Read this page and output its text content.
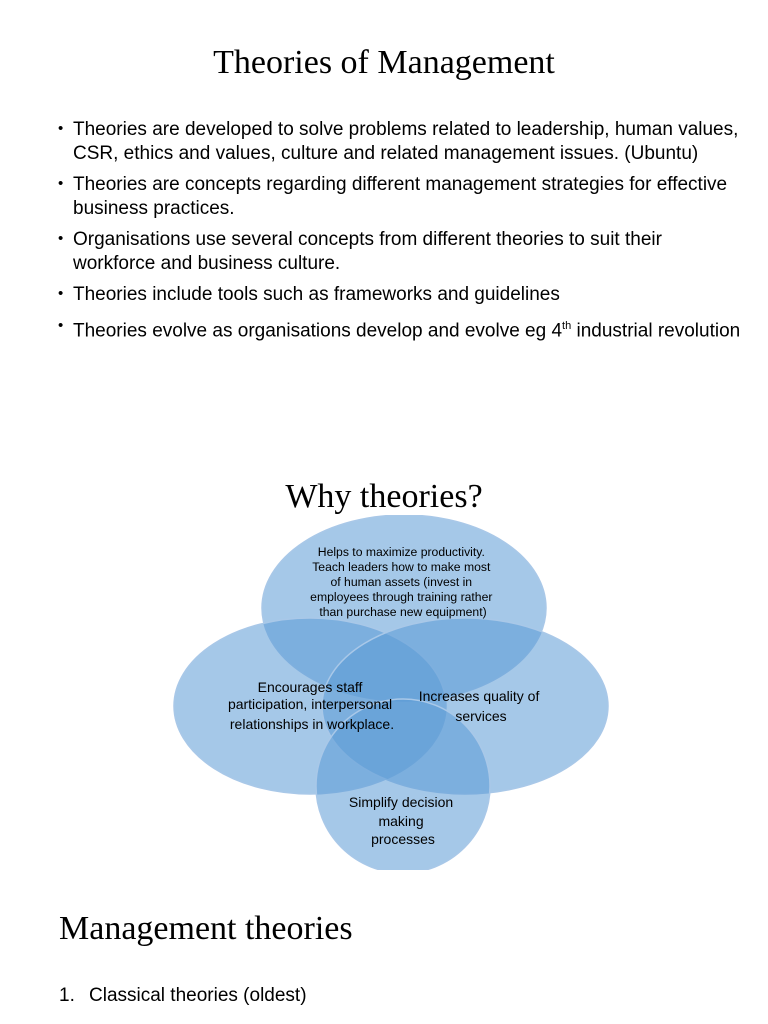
Theories of Management
• Theories are developed to solve problems related to leadership, human values, CSR, ethics and values, culture and related management issues. (Ubuntu)
• Theories are concepts regarding different management strategies for effective business practices.
• Organisations use several concepts from different theories to suit their workforce and business culture.
• Theories include tools such as frameworks and guidelines
• Theories evolve as organisations develop and evolve eg 4th industrial revolution
Why theories?
Helps to maximize productivity. Teach leaders how to make most of human assets (invest in employees through training rather than purchase new equipment)
Encourages staff participation, interpersonal relationships in workplace.
Increases quality of services
Simplify decision making processes
Management theories
1. Classical theories (oldest)
